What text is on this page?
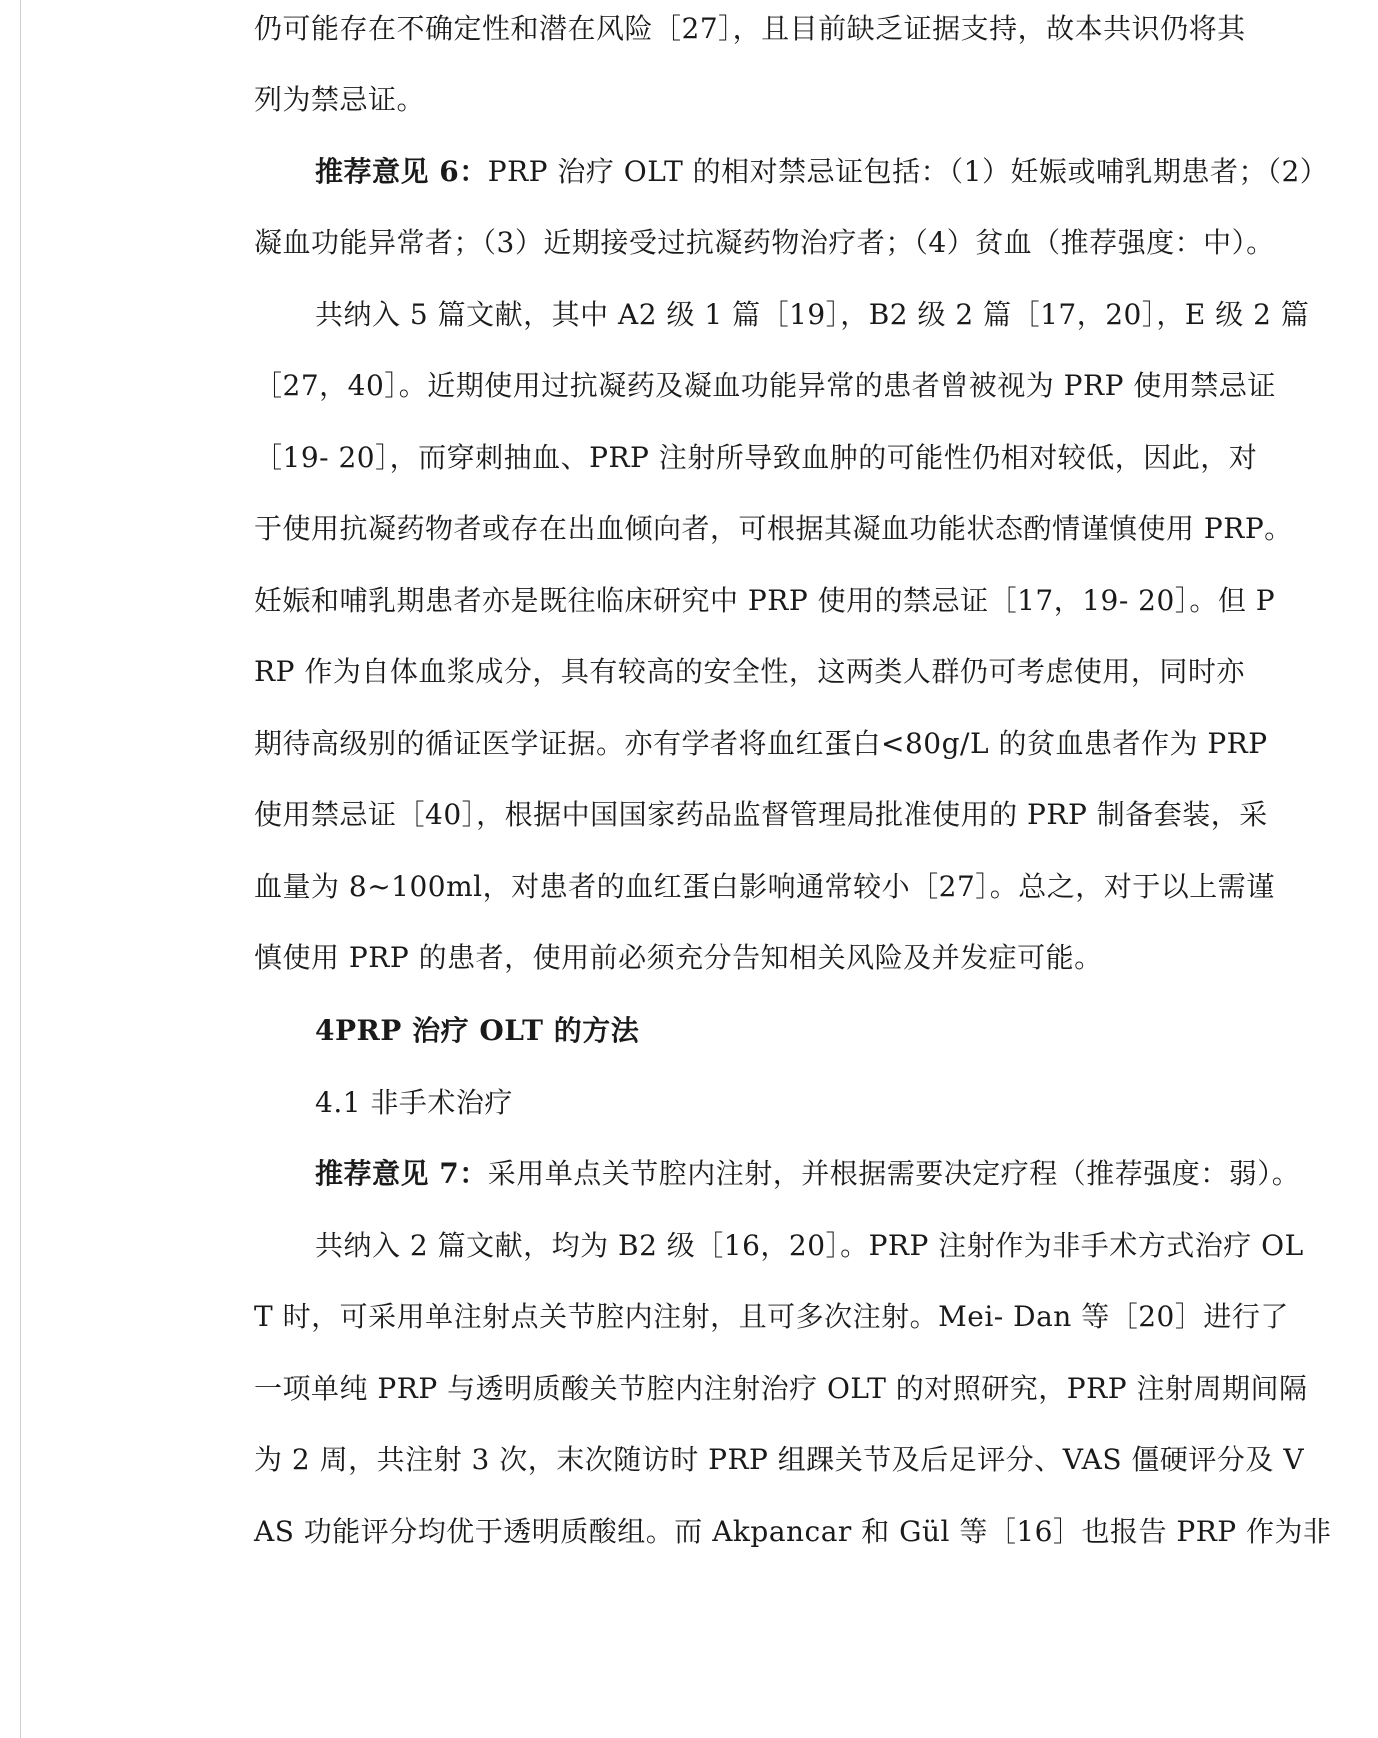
仍可能存在不确定性和潜在风险［27］，且目前缺乏证据支持，故本共识仍将其
列为禁忌证。
推荐意见 6：PRP 治疗 OLT 的相对禁忌证包括：（1）妊娠或哺乳期患者；（2）
凝血功能异常者；（3）近期接受过抗凝药物治疗者；（4）贫血（推荐强度：中）。
共纳入 5 篇文献，其中 A2 级 1 篇［19］，B2 级 2 篇［17，20］，E 级 2 篇
［27，40］。近期使用过抗凝药及凝血功能异常的患者曾被视为 PRP 使用禁忌证
［19- 20］，而穿刺抽血、PRP 注射所导致血肿的可能性仍相对较低，因此，对
于使用抗凝药物者或存在出血倾向者，可根据其凝血功能状态酌情谨慎使用 PRP。
妊娠和哺乳期患者亦是既往临床研究中 PRP 使用的禁忌证［17，19- 20］。但 P
RP 作为自体血浆成分，具有较高的安全性，这两类人群仍可考虑使用，同时亦
期待高级别的循证医学证据。亦有学者将血红蛋白<80g/L 的贫血患者作为 PRP
使用禁忌证［40］，根据中国国家药品监督管理局批准使用的 PRP 制备套装，采
血量为 8~100ml，对患者的血红蛋白影响通常较小［27］。总之，对于以上需谨
慎使用 PRP 的患者，使用前必须充分告知相关风险及并发症可能。
4PRP 治疗 OLT 的方法
4.1 非手术治疗
推荐意见 7：采用单点关节腔内注射，并根据需要决定疗程（推荐强度：弱）。
共纳入 2 篇文献，均为 B2 级［16，20］。PRP 注射作为非手术方式治疗 OL
T 时，可采用单注射点关节腔内注射，且可多次注射。Mei- Dan 等［20］进行了
一项单纯 PRP 与透明质酸关节腔内注射治疗 OLT 的对照研究，PRP 注射周期间隔
为 2 周，共注射 3 次，末次随访时 PRP 组踝关节及后足评分、VAS 僵硬评分及 V
AS 功能评分均优于透明质酸组。而 Akpancar 和 Gül 等［16］也报告 PRP 作为非
